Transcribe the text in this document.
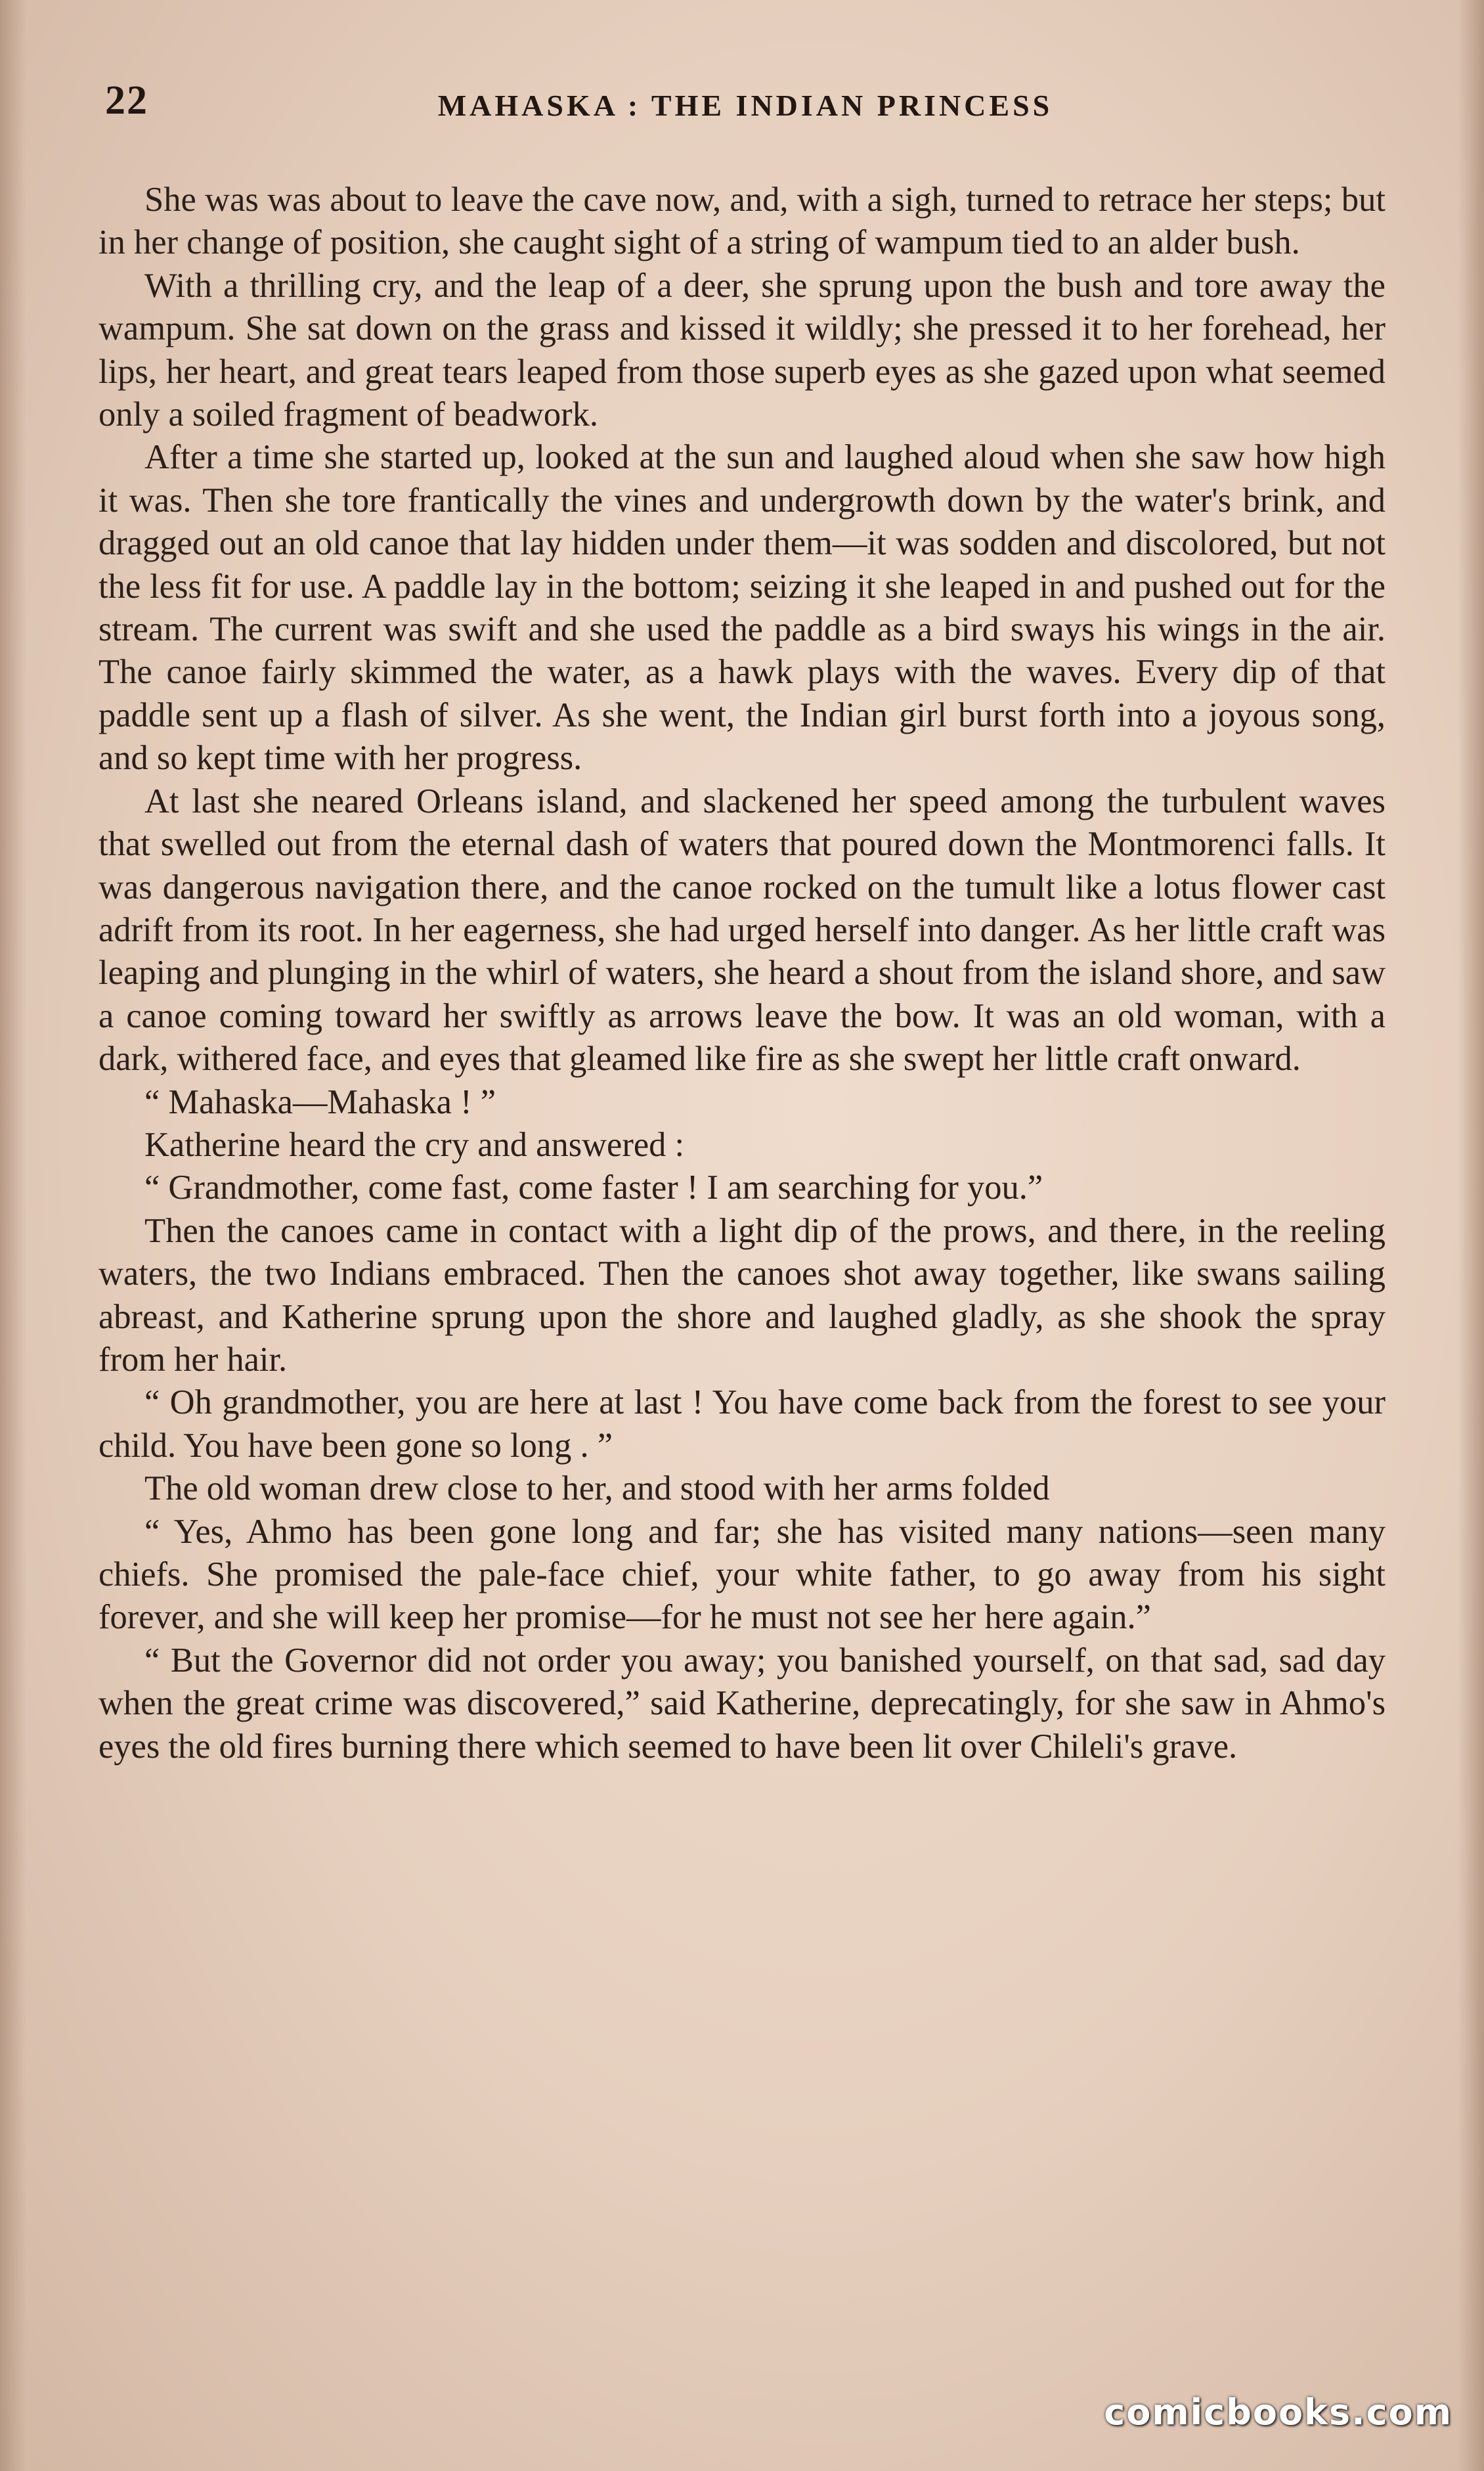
22	MAHASKA : THE INDIAN PRINCESS

She was was about to leave the cave now, and, with a sigh, turned to retrace her steps; but in her change of position, she caught sight of a string of wampum tied to an alder bush.

With a thrilling cry, and the leap of a deer, she sprung upon the bush and tore away the wampum. She sat down on the grass and kissed it wildly; she pressed it to her forehead, her lips, her heart, and great tears leaped from those superb eyes as she gazed upon what seemed only a soiled fragment of beadwork.

After a time she started up, looked at the sun and laughed aloud when she saw how high it was. Then she tore frantically the vines and undergrowth down by the water's brink, and dragged out an old canoe that lay hidden under them—it was sodden and discolored, but not the less fit for use. A paddle lay in the bottom; seizing it she leaped in and pushed out for the stream. The current was swift and she used the paddle as a bird sways his wings in the air. The canoe fairly skimmed the water, as a hawk plays with the waves. Every dip of that paddle sent up a flash of silver. As she went, the Indian girl burst forth into a joyous song, and so kept time with her progress.

At last she neared Orleans island, and slackened her speed among the turbulent waves that swelled out from the eternal dash of waters that poured down the Montmorenci falls. It was dangerous navigation there, and the canoe rocked on the tumult like a lotus flower cast adrift from its root. In her eagerness, she had urged herself into danger. As her little craft was leaping and plunging in the whirl of waters, she heard a shout from the island shore, and saw a canoe coming toward her swiftly as arrows leave the bow. It was an old woman, with a dark, withered face, and eyes that gleamed like fire as she swept her little craft onward.

“ Mahaska—Mahaska ! ”

Katherine heard the cry and answered :

“ Grandmother, come fast, come faster ! I am searching for you.”

Then the canoes came in contact with a light dip of the prows, and there, in the reeling waters, the two Indians embraced. Then the canoes shot away together, like swans sailing abreast, and Katherine sprung upon the shore and laughed gladly, as she shook the spray from her hair.

“ Oh grandmother, you are here at last ! You have come back from the forest to see your child. You have been gone so long . ”

The old woman drew close to her, and stood with her arms folded

“ Yes, Ahmo has been gone long and far; she has visited many nations—seen many chiefs. She promised the pale-face chief, your white father, to go away from his sight forever, and she will keep her promise—for he must not see her here again.”

“ But the Governor did not order you away; you banished yourself, on that sad, sad day when the great crime was discovered,” said Katherine, deprecatingly, for she saw in Ahmo's eyes the old fires burning there which seemed to have been lit over Chileli's grave.

comicbooks.com
